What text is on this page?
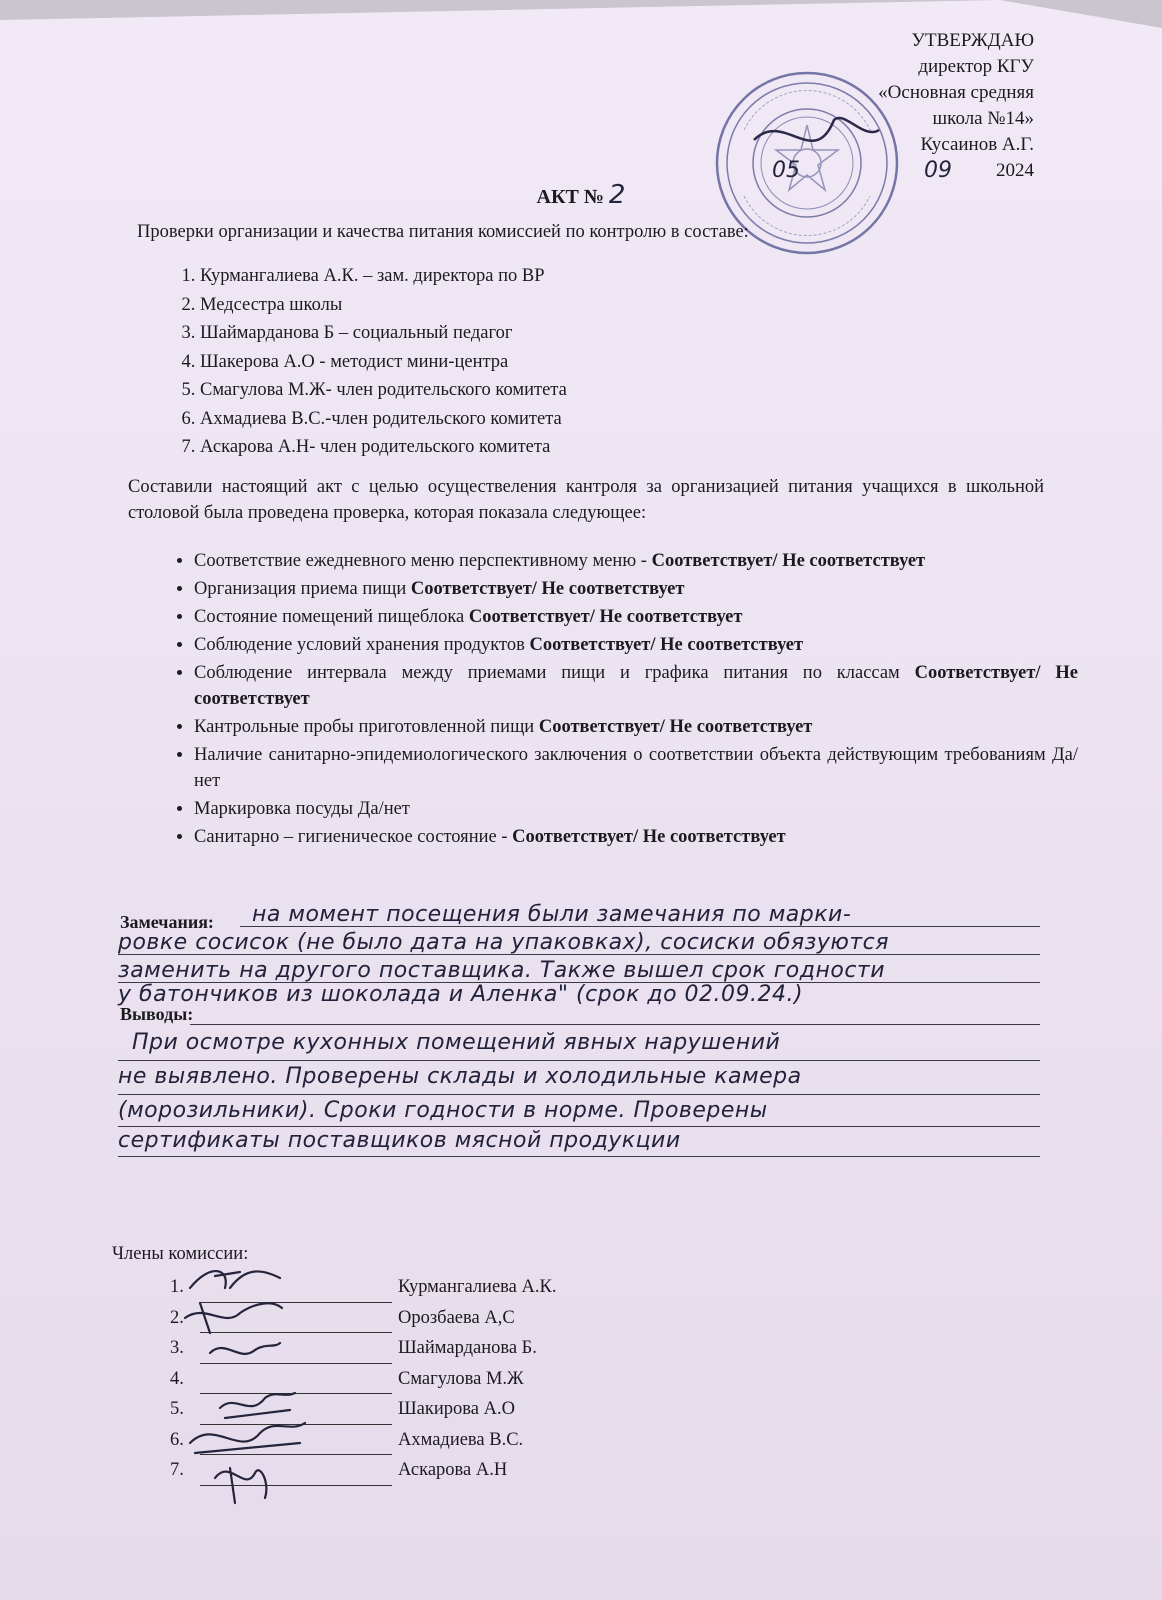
УТВЕРЖДАЮ
директор КГУ
«Основная средняя
школа №14»
Кусаинов А.Г.
05	09 2024
АКТ № 2
Проверки организации и качества питания комиссией по контролю в составе:
1. Курмангалиева А.К. – зам. директора по ВР
2. Медсестра школы
3. Шаймарданова Б – социальный педагог
4. Шакерова А.О - методист мини-центра
5. Смагулова М.Ж- член родительского комитета
6. Ахмадиева В.С.-член родительского комитета
7. Аскарова А.Н- член родительского комитета
Составили настоящий акт с целью осуществеления кантроля за организацией питания учащихся в школьной столовой была проведена проверка, которая показала следующее:
• Соответствие ежедневного меню перспективному меню - Соответствует/ Не соответствует
• Организация приема пищи Соответствует/ Не соответствует
• Состояние помещений пищеблока Соответствует/ Не соответствует
• Соблюдение условий хранения продуктов Соответствует/ Не соответствует
• Соблюдение интервала между приемами пищи и графика питания по классам Соответствует/ Не соответствует
• Кантрольные пробы приготовленной пищи Соответствует/ Не соответствует
• Наличие санитарно-эпидемиологического заключения о соответствии объекта действующим требованиям Да/нет
• Маркировка посуды Да/нет
• Санитарно – гигиеническое состояние - Соответствует/ Не соответствует
Замечания: на момент посещения были замечания по марки-
ровке сосисок (не было дата на упаковках), сосиски обязуются
заменить на другого поставщика. Также вышел срок годности
у батончиков из шоколада и Аленка" (срок до 02.09.24.)
Выводы:
При осмотре кухонных помещений явных нарушений
не выявлено. Проверены склады и холодильные камера
(морозильники). Сроки годности в норме. Проверены
сертификаты поставщиков мясной продукции
Члены комиссии:
1.	Курмангалиева А.К.
2.	Орозбаева А,С
3.	Шаймарданова Б.
4.	Смагулова М.Ж
5.	Шакирова А.О
6.	Ахмадиева В.С.
7.	Аскарова А.Н
